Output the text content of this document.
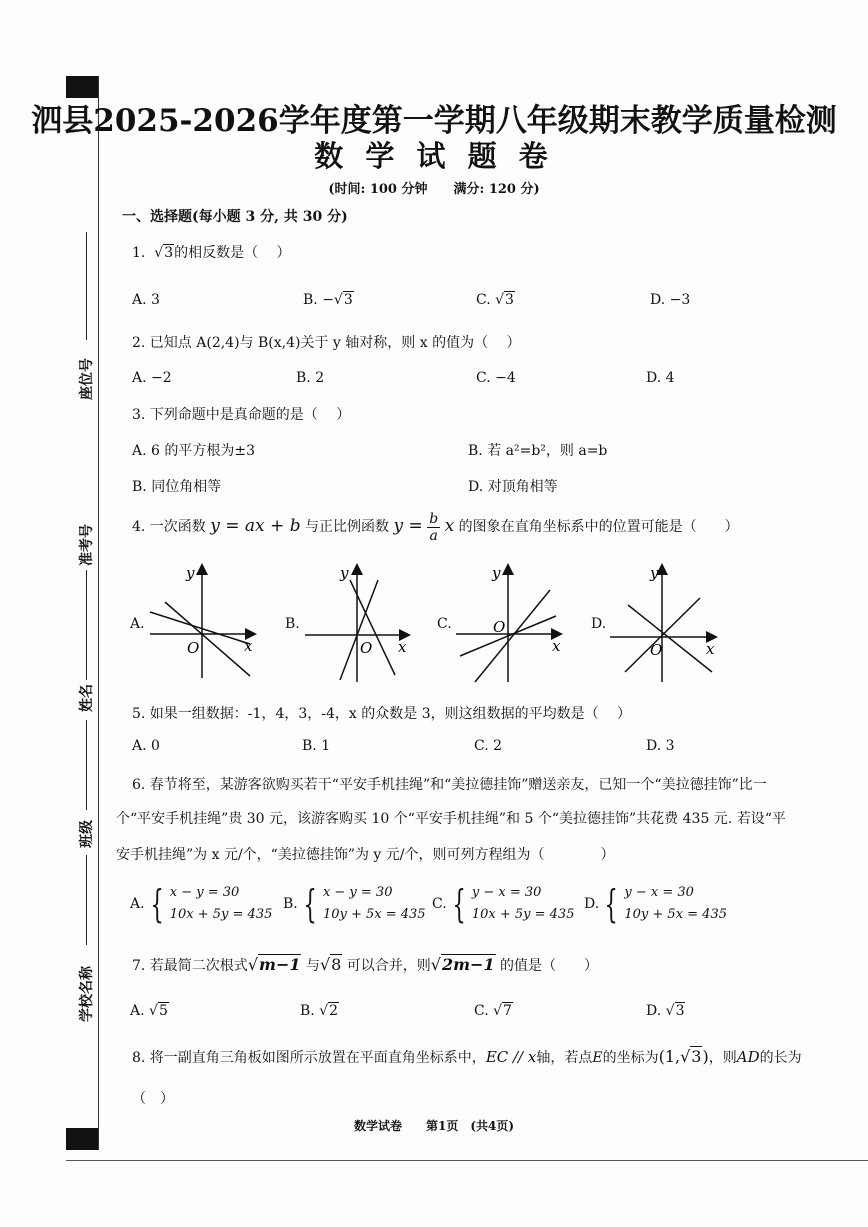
座位号
准考号
姓名
班级
学校名称
泗县2025-2026学年度第一学期八年级期末教学质量检测
数 学 试 题 卷
(时间: 100 分钟　　满分: 120 分)
一、选择题(每小题 3 分, 共 30 分)
1.  √3的相反数是（　 ）
A. 3	B. −√3	C. √3	D. −3
2. 已知点 A(2,4)与 B(x,4)关于 y 轴对称，则 x 的值为（　 ）
A. −2	B. 2	C. −4	D. 4
3. 下列命题中是真命题的是（　 ）
A. 6 的平方根为±3	B. 若 a²=b²，则 a=b
B. 同位角相等	D. 对顶角相等
4. 一次函数 y = ax + b 与正比例函数 $y = \frac{b}{a}$ x 的图象在直角坐标系中的位置可能是（　　）
A.	B.	C.	D.
y
x
O
y
x
O
y
x
O
y
x
O
5. 如果一组数据：-1，4，3，-4，x 的众数是 3，则这组数据的平均数是（　 ）
A. 0	B. 1	C. 2	D. 3
6. 春节将至，某游客欲购买若干“平安手机挂绳”和“美拉德挂饰”赠送亲友，已知一个“美拉德挂饰”比一
个“平安手机挂绳”贵 30 元，该游客购买 10 个“平安手机挂绳”和 5 个“美拉德挂饰”共花费 435 元. 若设“平
安手机挂绳”为 x 元/个，“美拉德挂饰”为 y 元/个，则可列方程组为（　　　　）
A. { x − y = 30
10x + 5y = 435
B. { x − y = 30
10y + 5x = 435
C. { y − x = 30
10x + 5y = 435
D. { y − x = 30
10y + 5x = 435
7. 若最简二次根式√m−1 与√8 可以合并，则√2m−1 的值是（　　）
A. √5	B. √2	C. √7	D. √3
8. 将一副直角三角板如图所示放置在平面直角坐标系中，EC // x轴，若点E的坐标为(1,√3)，则AD的长为
（　）
数学试卷　　第1页　(共4页)
